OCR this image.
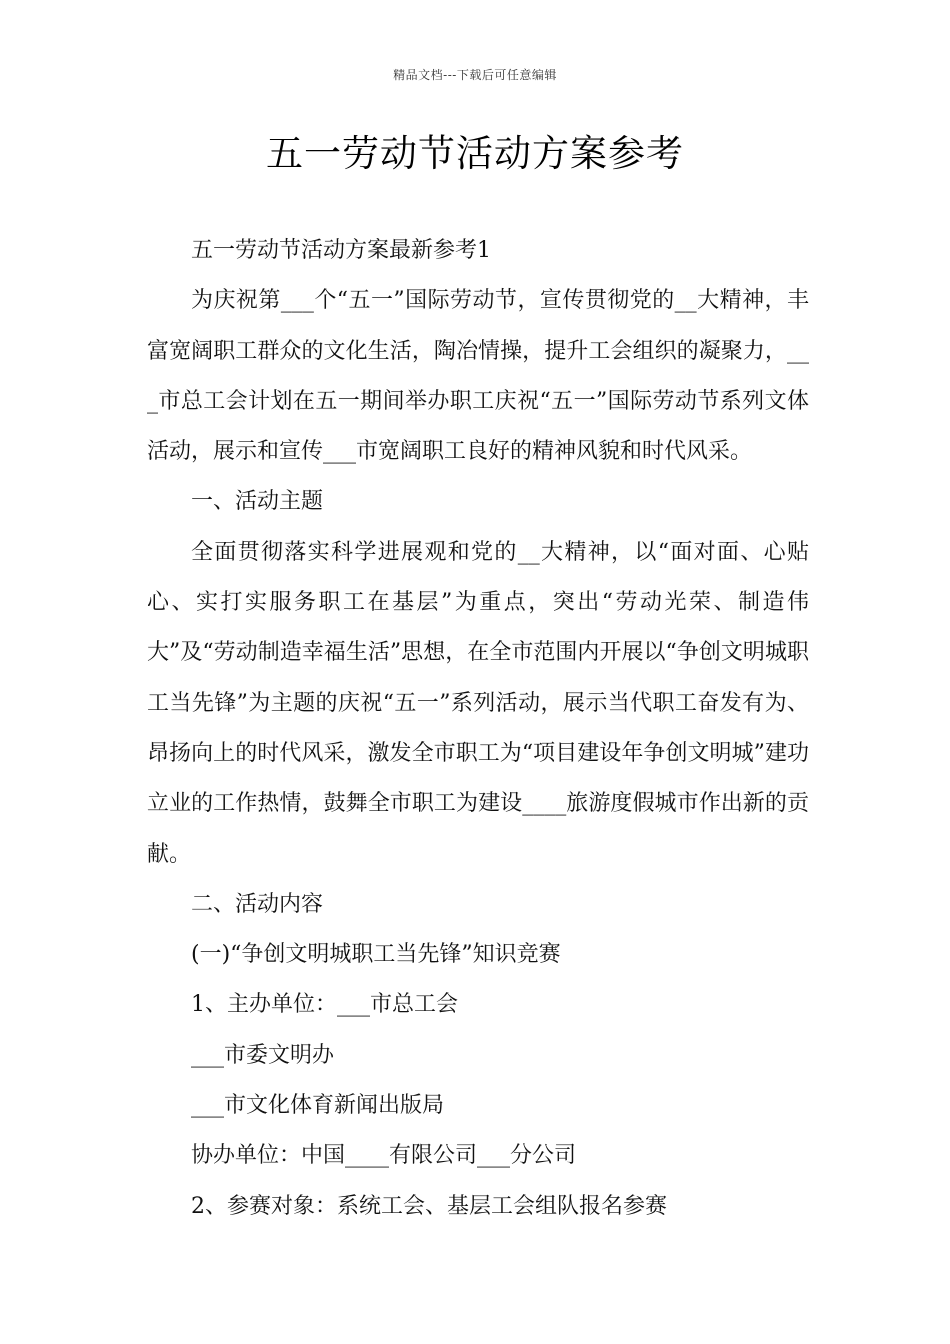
精品文档---下载后可任意编辑
五一劳动节活动方案参考

五一劳动节活动方案最新参考1

为庆祝第___个“五一”国际劳动节，宣传贯彻党的__大精神，丰富宽阔职工群众的文化生活，陶冶情操，提升工会组织的凝聚力，___市总工会计划在五一期间举办职工庆祝“五一”国际劳动节系列文体活动，展示和宣传___市宽阔职工良好的精神风貌和时代风采。

一、活动主题

全面贯彻落实科学进展观和党的__大精神，以“面对面、心贴心、实打实服务职工在基层”为重点，突出“劳动光荣、制造伟大”及“劳动制造幸福生活”思想，在全市范围内开展以“争创文明城职工当先锋”为主题的庆祝“五一”系列活动，展示当代职工奋发有为、昂扬向上的时代风采，激发全市职工为“项目建设年争创文明城”建功立业的工作热情，鼓舞全市职工为建设____旅游度假城市作出新的贡献。

二、活动内容

(一)“争创文明城职工当先锋”知识竞赛

1、主办单位：___市总工会

___市委文明办

___市文化体育新闻出版局

协办单位：中国____有限公司___分公司

2、参赛对象：系统工会、基层工会组队报名参赛
